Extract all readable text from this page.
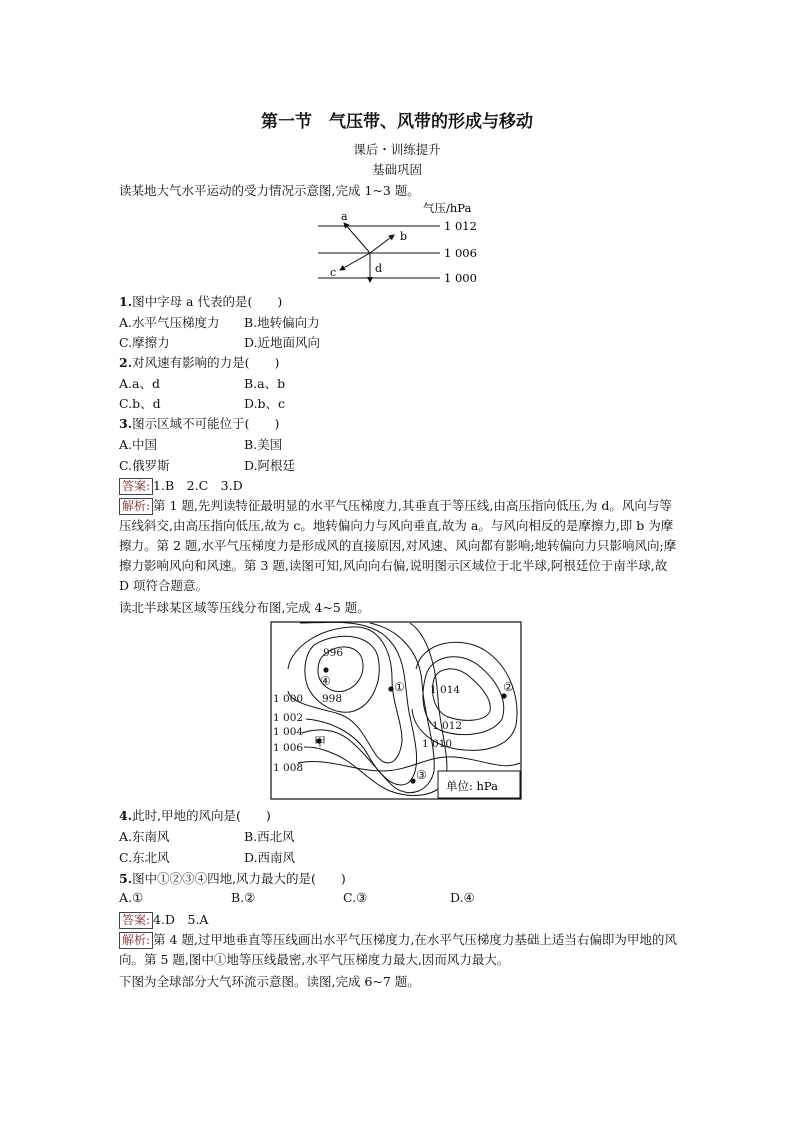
第一节　气压带、风带的形成与移动
课后・训练提升
基础巩固
读某地大气水平运动的受力情况示意图,完成 1~3 题。
气压/hPa
1 012
1 006
1 000
a
b
c	d
1.图中字母 a 代表的是(　　)
A.水平气压梯度力 B.地转偏向力
C.摩擦力	D.近地面风向
2.对风速有影响的力是(　　)
A.a、d	B.a、b
C.b、d	D.b、c
3.图示区域不可能位于(　　)
A.中国	B.美国
C.俄罗斯	D.阿根廷
答案: 1.B　2.C　3.D
解析: 第 1 题,先判读特征最明显的水平气压梯度力,其垂直于等压线,由高压指向低压,为 d。风向与等压线斜交,由高压指向低压,故为 c。地转偏向力与风向垂直,故为 a。与风向相反的是摩擦力,即 b 为摩擦力。第 2 题,水平气压梯度力是形成风的直接原因,对风速、风向都有影响;地转偏向力只影响风向;摩擦力影响风向和风速。第 3 题,读图可知,风向向右偏,说明图示区域位于北半球,阿根廷位于南半球,故 D 项符合题意。
读北半球某区域等压线分布图,完成 4~5 题。
996
998
1 000
1 002
1 004
1 006
1 008
1 014
1 012
1 010
④	①	②
③
甲
单位: hPa
4.此时,甲地的风向是(　　)
A.东南风	B.西北风
C.东北风	D.西南风
5.图中①②③④四地,风力最大的是(　　)
A.①	B.②	C.③	D.④
答案: 4.D　5.A
解析: 第 4 题,过甲地垂直等压线画出水平气压梯度力,在水平气压梯度力基础上适当右偏即为甲地的风向。第 5 题,图中①地等压线最密,水平气压梯度力最大,因而风力最大。
下图为全球部分大气环流示意图。读图,完成 6~7 题。
